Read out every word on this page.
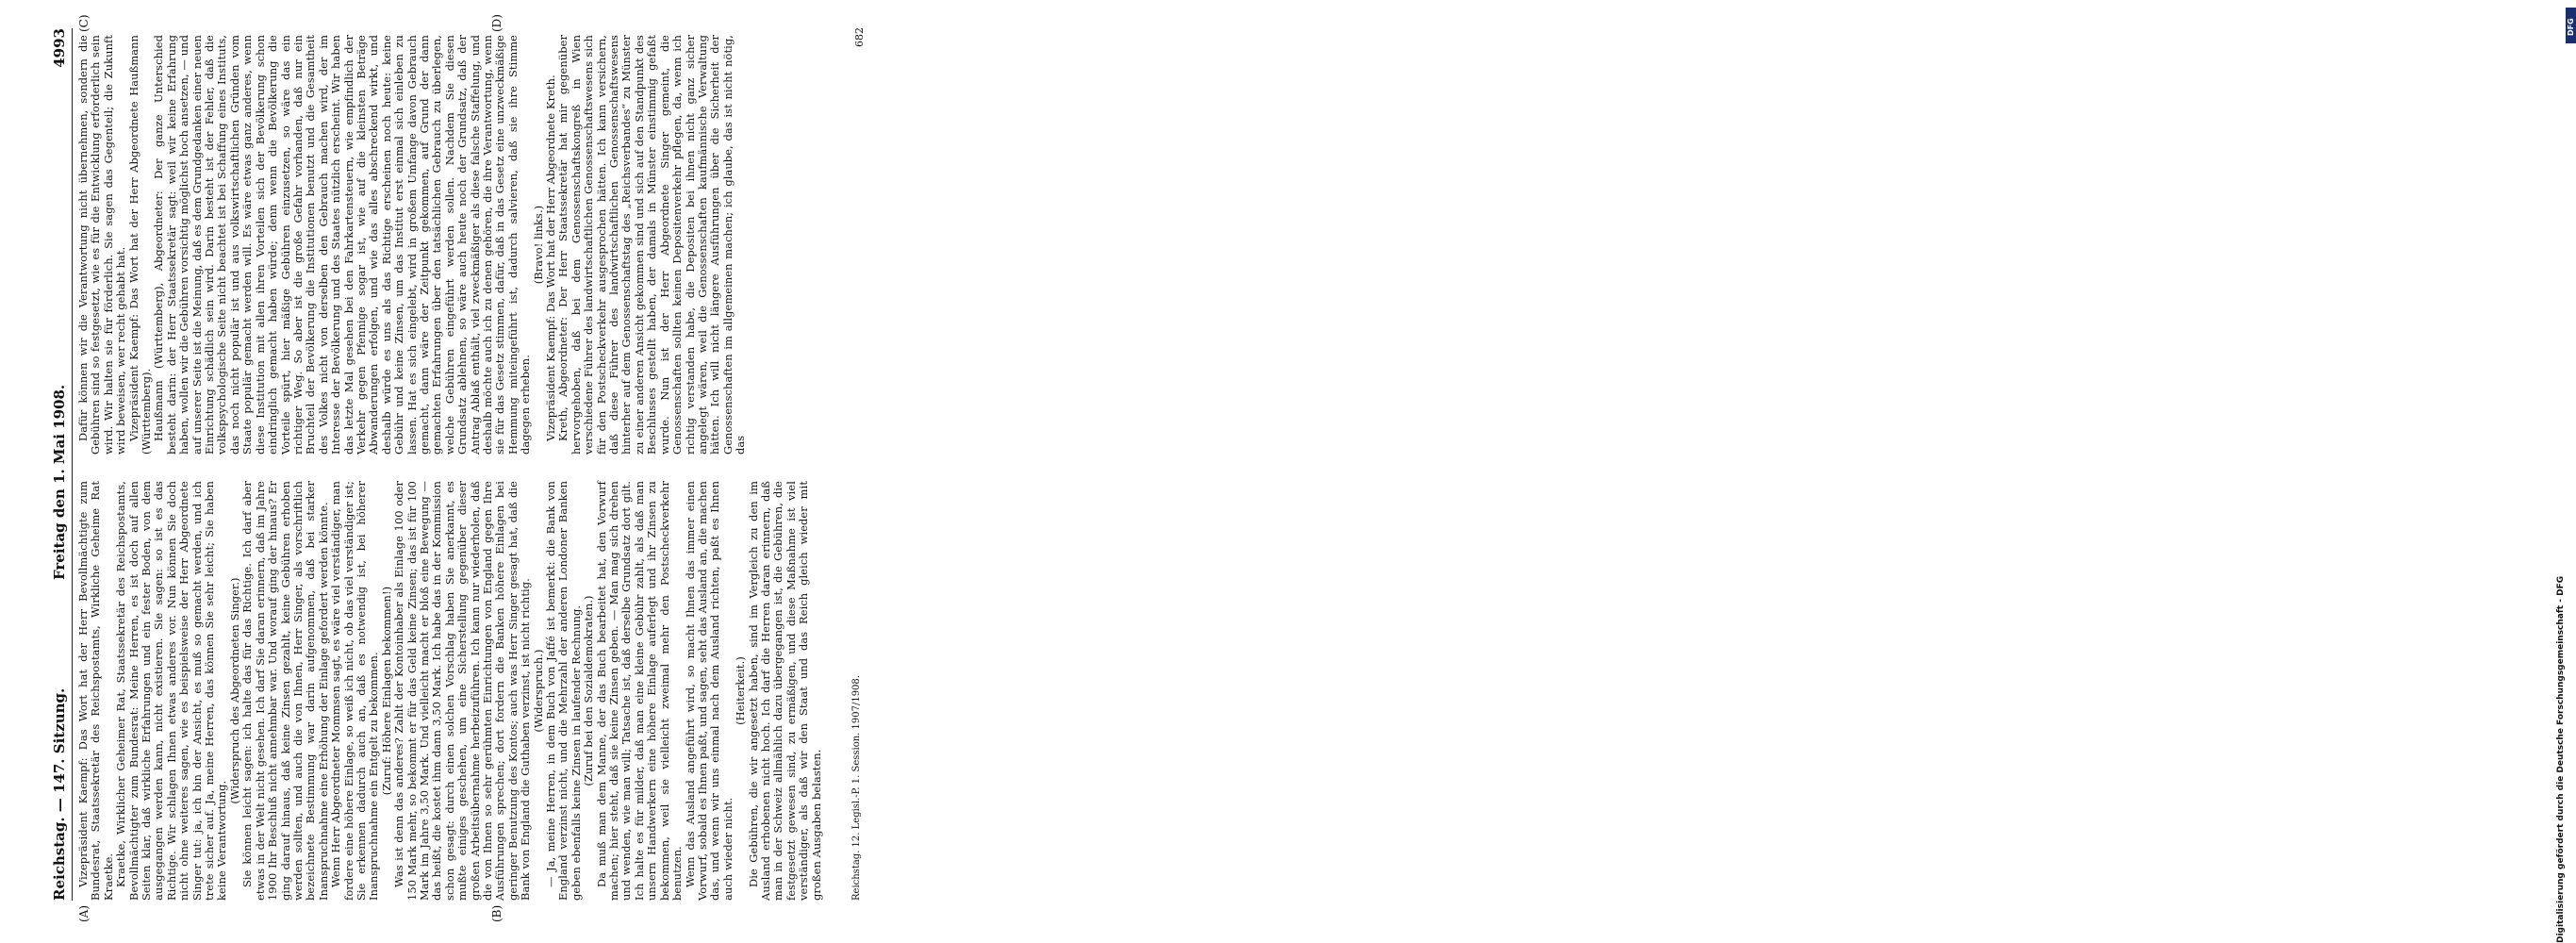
Reichstag. — 147. Sitzung.
Freitag den 1. Mai 1908.
4993
(A)	(B)
(C)	(D)

Vizepräsident Kaempf: Das Wort hat der Herr Bevollmächtigte zum Bundesrat, Staatssekretär des Reichspostamts, Wirkliche Geheime Rat Kraetke. Kraetke, Wirklicher Geheimer Rat, Staatssekretär des Reichspostamts, Bevollmächtigter zum Bundesrat: Meine Herren, es ist doch auf allen Seiten klar, daß wirkliche Erfahrungen und ein fester Boden, von dem ausgegangen werden kann, nicht existieren. Sie sagen: so ist es das Richtige. Wir schlagen Ihnen etwas anderes vor. Nun können Sie doch nicht ohne weiteres sagen, wie es beispielsweise der Herr Abgeordnete Singer tut: ja, ich bin der Ansicht, es muß so gemacht werden, und ich trete sicher auf. Ja, meine Herren, das können Sie sehr leicht; Sie haben keine Verantwortung.

(Widerspruch des Abgeordneten Singer.) Sie können leicht sagen: ich halte das für das Richtige. Ich darf aber etwas in der Welt nicht gesehen. Ich darf Sie daran erinnern, daß im Jahre 1900 Ihr Beschluß nicht annehmbar war. Und worauf ging der hinaus? Er ging darauf hinaus, daß keine Zinsen gezahlt, keine Gebühren erhoben werden sollten, und auch die von Ihnen, Herr Singer, als vorschriftlich bezeichnete Bestimmung war darin aufgenommen, daß bei starker Inanspruchnahme eine Erhöhung der Einlage gefordert werden könnte. Wenn Herr Abgeordneter Mommsen sagt, es wäre viel verständiger, man fordere eine höhere Einlage, so weiß ich nicht, ob das viel verständiger ist; Sie erkennen dadurch auch an, daß es notwendig ist, bei höherer Inanspruchnahme ein Entgelt zu bekommen. (Zuruf: Höhere Einlagen bekommen!) Was ist denn das anderes? Zahlt der Kontoinhaber als Einlage 100 oder 150 Mark mehr, so bekommt er für das Geld keine Zinsen; das ist für 100 Mark im Jahre 3,50 Mark. Und vielleicht macht er bloß eine Bewegung — das heißt, die kostet ihm dann 3,50 Mark. Ich habe das in der Kommission schon gesagt: durch einen solchen Vorschlag haben Sie anerkannt, es mußte einiges geschehen, um eine Sicherstellung gegenüber dieser großen Arbeitsübernahme herbeizuführen. Ich kann nur wiederholen, daß die von Ihnen so sehr gerühmten Einrichtungen von England gegen Ihre Ausführungen sprechen; dort fordern die Banken höhere Einlagen bei geringer Benutzung des Kontos; auch was Herr Singer gesagt hat, daß die Bank von England die Guthaben verzinst, ist nicht richtig. (Widerspruch.) — Ja, meine Herren, in dem Buch von Jaffé ist bemerkt: die Bank von England verzinst nicht, und die Mehrzahl der anderen Londoner Banken geben ebenfalls keine Zinsen in laufender Rechnung. (Zuruf bei den Sozialdemokraten.) Da muß man dem Manne, der das Buch bearbeitet hat, den Vorwurf machen; hier steht, daß sie keine Zinsen geben. — Man mag sich drehen und wenden, wie man will; Tatsache ist, daß derselbe Grundsatz dort gilt. Ich halte es für milder, daß man eine kleine Gebühr zahlt, als daß man unsern Handwerkern eine höhere Einlage auferlegt und ihr Zinsen zu bekommen, weil sie vielleicht zweimal mehr den Postscheckverkehr benutzen. Wenn das Ausland angeführt wird, so macht Ihnen das immer einen Vorwurf, sobald es Ihnen paßt, und sagen, seht das Ausland an, die machen das, und wenn wir uns einmal nach dem Ausland richten, paßt es Ihnen auch wieder nicht.

(Heiterkeit.) Die Gebühren, die wir angesetzt haben, sind im Vergleich zu den im Ausland erhobenen nicht hoch. Ich darf die Herren daran erinnern, daß man in der Schweiz allmählich dazu übergegangen ist, die Gebühren, die festgesetzt gewesen sind, zu ermäßigen, und diese Maßnahme ist viel verständiger, als daß wir den Staat und das Reich gleich wieder mit großen Ausgaben belasten.

Dafür können wir die Verantwortung nicht übernehmen, sondern die Gebühren sind so festgesetzt, wie es für die Entwicklung erforderlich sein wird. Wir halten sie für förderlich. Sie sagen das Gegenteil; die Zukunft wird beweisen, wer recht gehabt hat. Vizepräsident Kaempf: Das Wort hat der Herr Abgeordnete Haußmann (Württemberg). Haußmann (Württemberg), Abgeordneter: Der ganze Unterschied besteht darin: der Herr Staatssekretär sagt: weil wir keine Erfahrung haben, wollen wir die Gebühren vorsichtig möglichst hoch ansetzen, — und auf unserer Seite ist die Meinung, daß es dem Grundgedanken einer neuen Einrichtung schädlich sein wird. Darin besteht ist der Fehler, daß die volkspsychologische Seite nicht beachtet ist bei Schaffung eines Instituts, das noch nicht populär ist und aus volkswirtschaftlichen Gründen vom Staate populär gemacht werden will. Es wäre etwas ganz anderes, wenn diese Institution mit allen ihren Vorteilen sich der Bevölkerung schon eindringlich gemacht haben würde; denn wenn die Bevölkerung die Vorteile spürt, hier mäßige Gebühren einzusetzen, so wäre das ein richtiger Weg. So aber ist die große Gefahr vorhanden, daß nur ein Bruchteil der Bevölkerung die Institutionen benutzt und die Gesamtheit des Volkes nicht von derselben den Gebrauch machen wird, der im Interesse der Bevölkerung und des Staates nützlich erscheint. Wir haben das letzte Mal gesehen bei den Fahrkartensteuern, wie empfindlich der Verkehr gegen Pfennige sogar ist, wie auf die kleinsten Beträge Abwanderungen erfolgen, und wie das alles abschreckend wirkt, und deshalb würde es uns als das Richtige erscheinen noch heute: keine Gebühr und keine Zinsen, um das Institut erst einmal sich einleben zu lassen. Hat es sich eingelebt, wird in großem Umfange davon Gebrauch gemacht, dann wäre der Zeitpunkt gekommen, auf Grund der dann gemachten Erfahrungen über den tatsächlichen Gebrauch zu überlegen, welche Gebühren eingeführt werden sollen. Nachdem Sie diesen Grundsatz ablehnen, so wäre auch heute noch der Grundsatz, daß der Antrag Ablaß enthält, viel zweckmäßiger als diese falsche Staffelung, und deshalb möchte auch ich zu denen gehören, die ihre Verantwortung, wenn sie für das Gesetz stimmen, dafür, daß in das Gesetz eine unzweckmäßige Hemmung miteingeführt ist, dadurch salvieren, daß sie ihre Stimme dagegen erheben.

(Bravo! links.) Vizepräsident Kaempf: Das Wort hat der Herr Abgeordnete Kreth. Kreth, Abgeordneter: Der Herr Staatssekretär hat mir gegenüber hervorgehoben, daß bei dem Genossenschaftskongreß in Wien verschiedene Führer des landwirtschaftlichen Genossenschaftswesens sich für den Postscheckverkehr ausgesprochen hätten. Ich kann versichern, daß diese Führer des landwirtschaftlichen Genossenschaftswesens hinterher auf dem Genossenschaftstag des „Reichsverbandes“ zu Münster zu einer anderen Ansicht gekommen sind und sich auf den Standpunkt des Beschlusses gestellt haben, der damals in Münster einstimmig gefaßt wurde. Nun ist der Herr Abgeordnete Singer gemeint, die Genossenschaften sollten keinen Depositenverkehr pflegen, da, wenn ich richtig verstanden habe, die Depositen bei ihnen nicht ganz sicher angelegt wären, weil die Genossenschaften kaufmännische Verwaltung hätten. Ich will nicht längere Ausführungen über die Sicherheit der Genossenschaften im allgemeinen machen; ich glaube, das ist nicht nötig, das

Reichstag. 12. Legisl.-P. 1. Session. 1907/1908.
682
Digitalisierung gefördert durch die Deutsche Forschungsgemeinschaft - DFG
DFG
